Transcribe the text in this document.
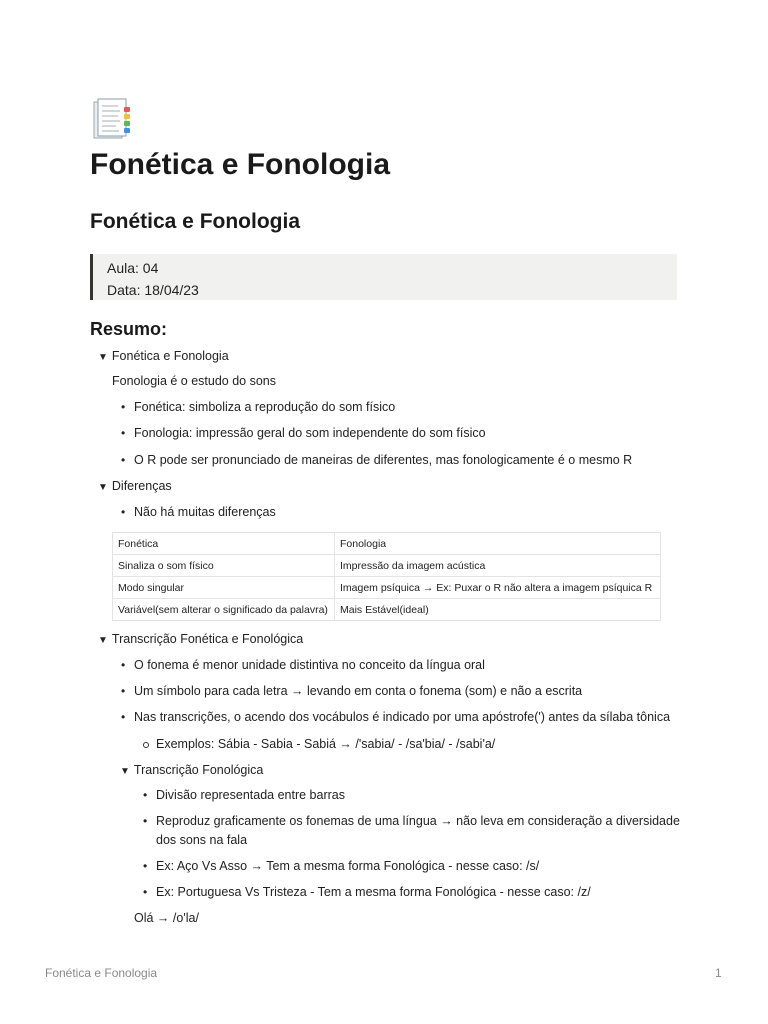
Fonética e Fonologia
Fonética e Fonologia
Aula: 04
Data: 18/04/23
Resumo:
▼ Fonética e Fonologia
Fonologia é o estudo do sons
• Fonética: simboliza a reprodução do som físico
• Fonologia: impressão geral do som independente do som físico
• O R pode ser pronunciado de maneiras de diferentes, mas fonologicamente é o mesmo R
▼ Diferenças
• Não há muitas diferenças
Fonética	Fonologia
Sinaliza o som físico	Impressão da imagem acústica
Modo singular	Imagem psíquica → Ex: Puxar o R não altera a imagem psíquica R
Variável(sem alterar o significado da palavra)	Mais Estável(ideal)
▼ Transcrição Fonética e Fonológica
• O fonema é menor unidade distintiva no conceito da língua oral
• Um símbolo para cada letra → levando em conta o fonema (som) e não a escrita
• Nas transcrições, o acendo dos vocábulos é indicado por uma apóstrofe(') antes da sílaba tônica
Exemplos: Sábia - Sabia - Sabiá → /'sabia/ - /sa'bia/ - /sabi'a/
▼ Transcrição Fonológica
• Divisão representada entre barras
• Reproduz graficamente os fonemas de uma língua → não leva em consideração a diversidade
dos sons na fala
• Ex: Aço Vs Asso → Tem a mesma forma Fonológica - nesse caso: /s/
• Ex: Portuguesa Vs Tristeza - Tem a mesma forma Fonológica - nesse caso: /z/
Olá → /o'la/
Fonética e Fonologia	1
